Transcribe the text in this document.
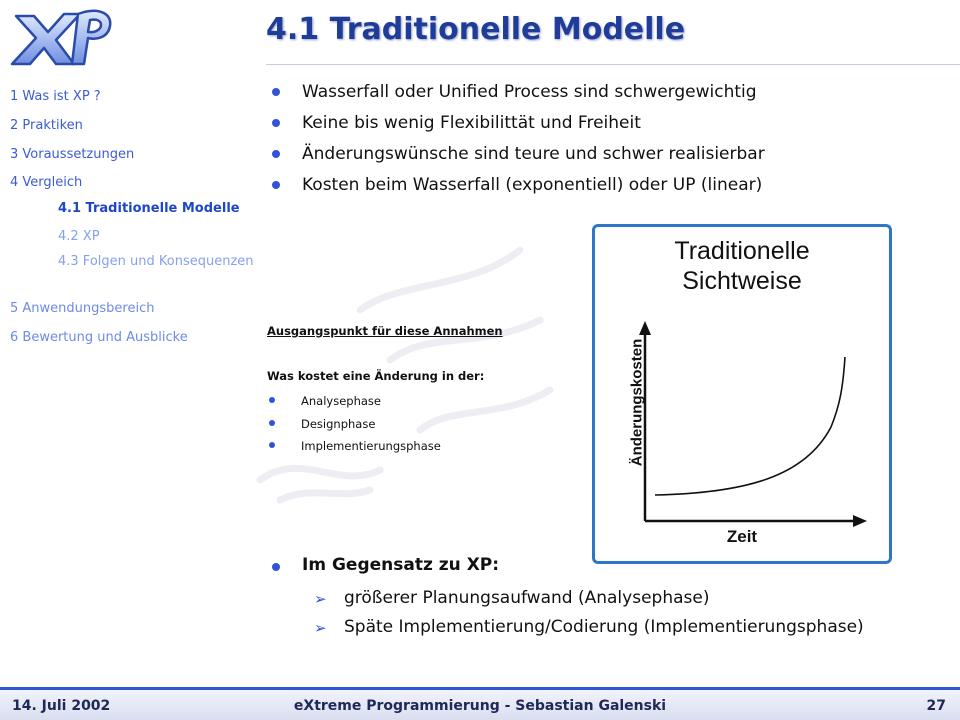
4.1 Traditionelle Modelle
1 Was ist XP ?
2 Praktiken
3 Voraussetzungen
4 Vergleich
4.1 Traditionelle Modelle
4.2 XP
4.3 Folgen und Konsequenzen
5 Anwendungsbereich
6 Bewertung und Ausblicke
Wasserfall oder Unified Process sind schwergewichtig
Keine bis wenig Flexibilittät und Freiheit
Änderungswünsche sind teure und schwer realisierbar
Kosten beim Wasserfall (exponentiell) oder UP (linear)
Ausgangspunkt für diese Annahmen
Was kostet eine Änderung in der:
Analysephase
Designphase
Implementierungsphase
Traditionelle
Sichtweise
Änderungskosten
Zeit
Im Gegensatz zu XP:
➢ größerer Planungsaufwand (Analysephase)
➢ Späte Implementierung/Codierung (Implementierungsphase)
14. Juli 2002	eXtreme Programmierung - Sebastian Galenski	27
